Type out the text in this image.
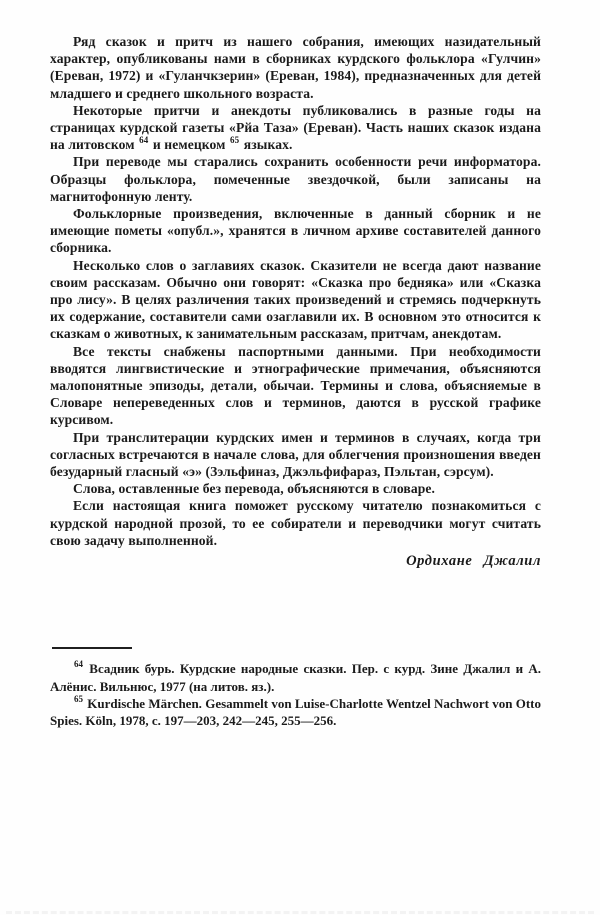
Ряд сказок и притч из нашего собрания, имеющих назидательный характер, опубликованы нами в сборниках курдского фольклора «Гулчин» (Ереван, 1972) и «Гуланчкзерин» (Ереван, 1984), предназначенных для детей младшего и среднего школьного возраста.

Некоторые притчи и анекдоты публиковались в разные годы на страницах курдской газеты «Рйа Таза» (Ереван). Часть наших сказок издана на литовском $^{64}$ и немецком $^{65}$ языках.

При переводе мы старались сохранить особенности речи информатора. Образцы фольклора, помеченные звездочкой, были записаны на магнитофонную ленту.

Фольклорные произведения, включенные в данный сборник и не имеющие пометы «опубл.», хранятся в личном архиве составителей данного сборника.

Несколько слов о заглавиях сказок. Сказители не всегда дают название своим рассказам. Обычно они говорят: «Сказка про бедняка» или «Сказка про лису». В целях различения таких произведений и стремясь подчеркнуть их содержание, составители сами озаглавили их. В основном это относится к сказкам о животных, к занимательным рассказам, притчам, анекдотам.

Все тексты снабжены паспортными данными. При необходимости вводятся лингвистические и этнографические примечания, объясняются малопонятные эпизоды, детали, обычаи. Термины и слова, объясняемые в Словаре непереведенных слов и терминов, даются в русской графике курсивом.

При транслитерации курдских имен и терминов в случаях, когда три согласных встречаются в начале слова, для облегчения произношения введен безударный гласный «э» (Зэльфиназ, Джэльфифараз, Пэльтан, сэрсум).

Слова, оставленные без перевода, объясняются в словаре.

Если настоящая книга поможет русскому читателю познакомиться с курдской народной прозой, то ее собиратели и переводчики могут считать свою задачу выполненной.

Ордихане Джалил

$^{64}$ Всадник бурь. Курдские народные сказки. Пер. с курд. Зине Джалил и А. Алёнис. Вильнюс, 1977 (на литов. яз.).

$^{65}$ Kurdische Märchen. Gesammelt von Luise-Charlotte Wentzel Nachwort von Otto Spies. Köln, 1978, с. 197—203, 242—245, 255—256.
